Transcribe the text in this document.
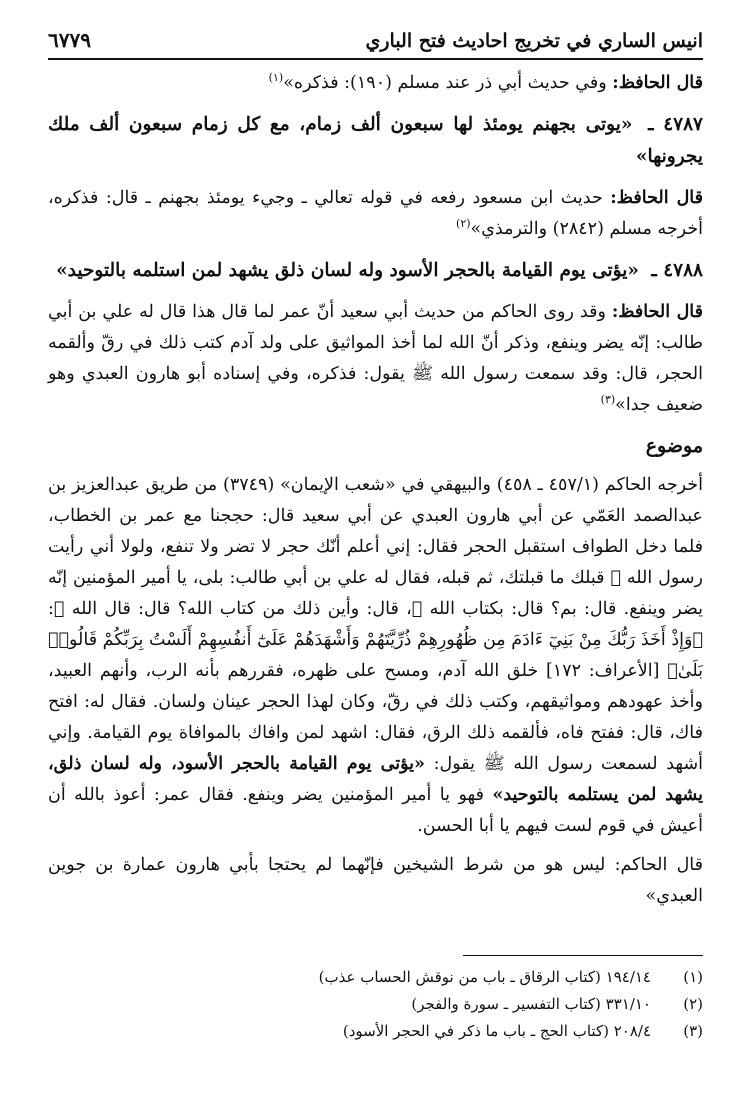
انيس الساري في تخريج احاديث فتح الباري
٦٧٧٩
قال الحافظ: وفي حديث أبي ذر عند مسلم (١٩٠): فذكره»$^{(١)}$
٤٧٨٧ ـ «يوتى بجهنم يومئذ لها سبعون ألف زمام، مع كل زمام سبعون ألف ملك يجرونها»
قال الحافظ: حديث ابن مسعود رفعه في قوله تعالي ـ وجيء يومئذ بجهنم ـ قال: فذكره، أخرجه مسلم (٢٨٤٢) والترمذي»$^{(٢)}$
٤٧٨٨ ـ «يؤتى يوم القيامة بالحجر الأسود وله لسان ذلق يشهد لمن استلمه بالتوحيد»
قال الحافظ: وقد روى الحاكم من حديث أبي سعيد أنّ عمر لما قال هذا قال له علي بن أبي طالب: إنّه يضر وينفع، وذكر أنّ الله لما أخذ المواثيق على ولد آدم كتب ذلك في رقّ وألقمه الحجر، قال: وقد سمعت رسول الله ﷺ يقول: فذكره، وفي إسناده أبو هارون العبدي وهو ضعيف جدا»$^{(٣)}$
موضوع
أخرجه الحاكم (٤٥٧/١ ـ ٤٥٨) والبيهقي في «شعب الإيمان» (٣٧٤٩) من طريق عبدالعزيز بن عبدالصمد العَمّي عن أبي هارون العبدي عن أبي سعيد قال: حججنا مع عمر بن الخطاب، فلما دخل الطواف استقبل الحجر فقال: إني أعلم أنّك حجر لا تضر ولا تنفع، ولولا أني رأيت رسول الله ﷺ قبلك ما قبلتك، ثم قبله، فقال له علي بن أبي طالب: بلى، يا أمير المؤمنين إنّه يضر وينفع. قال: بم؟ قال: بكتاب الله ﷻ، قال: وأين ذلك من كتاب الله؟ قال: قال الله ﷻ: ﴿وَإِذْ أَخَذَ رَبُّكَ مِنْ بَنِيٓ ءَادَمَ مِن ظُهُورِهِمْ ذُرِّيَّتَهُمْ وَأَشْهَدَهُمْ عَلَىٰٓ أَنفُسِهِمْ أَلَسْتُ بِرَبِّكُمْ قَالُوا۟ بَلَىٰ﴾ [الأعراف: ١٧٢] خلق الله آدم، ومسح على ظهره، فقررهم بأنه الرب، وأنهم العبيد، وأخذ عهودهم ومواثيقهم، وكتب ذلك في رقّ، وكان لهذا الحجر عينان ولسان. فقال له: افتح فاك، قال: ففتح فاه، فألقمه ذلك الرق، فقال: اشهد لمن وافاك بالموافاة يوم القيامة. وإني أشهد لسمعت رسول الله ﷺ يقول: «يؤتى يوم القيامة بالحجر الأسود، وله لسان ذلق، يشهد لمن يستلمه بالتوحيد» فهو يا أمير المؤمنين يضر وينفع. فقال عمر: أعوذ بالله أن أعيش في قوم لست فيهم يا أبا الحسن.
قال الحاكم: ليس هو من شرط الشيخين فإنّهما لم يحتجا بأبي هارون عمارة بن جوين العبدي»
(١)
١٩٤/١٤ (كتاب الرقاق ـ باب من نوقش الحساب عذب)
(٢)
٣٣١/١٠ (كتاب التفسير ـ سورة والفجر)
(٣)
٢٠٨/٤ (كتاب الحج ـ باب ما ذكر في الحجر الأسود)
